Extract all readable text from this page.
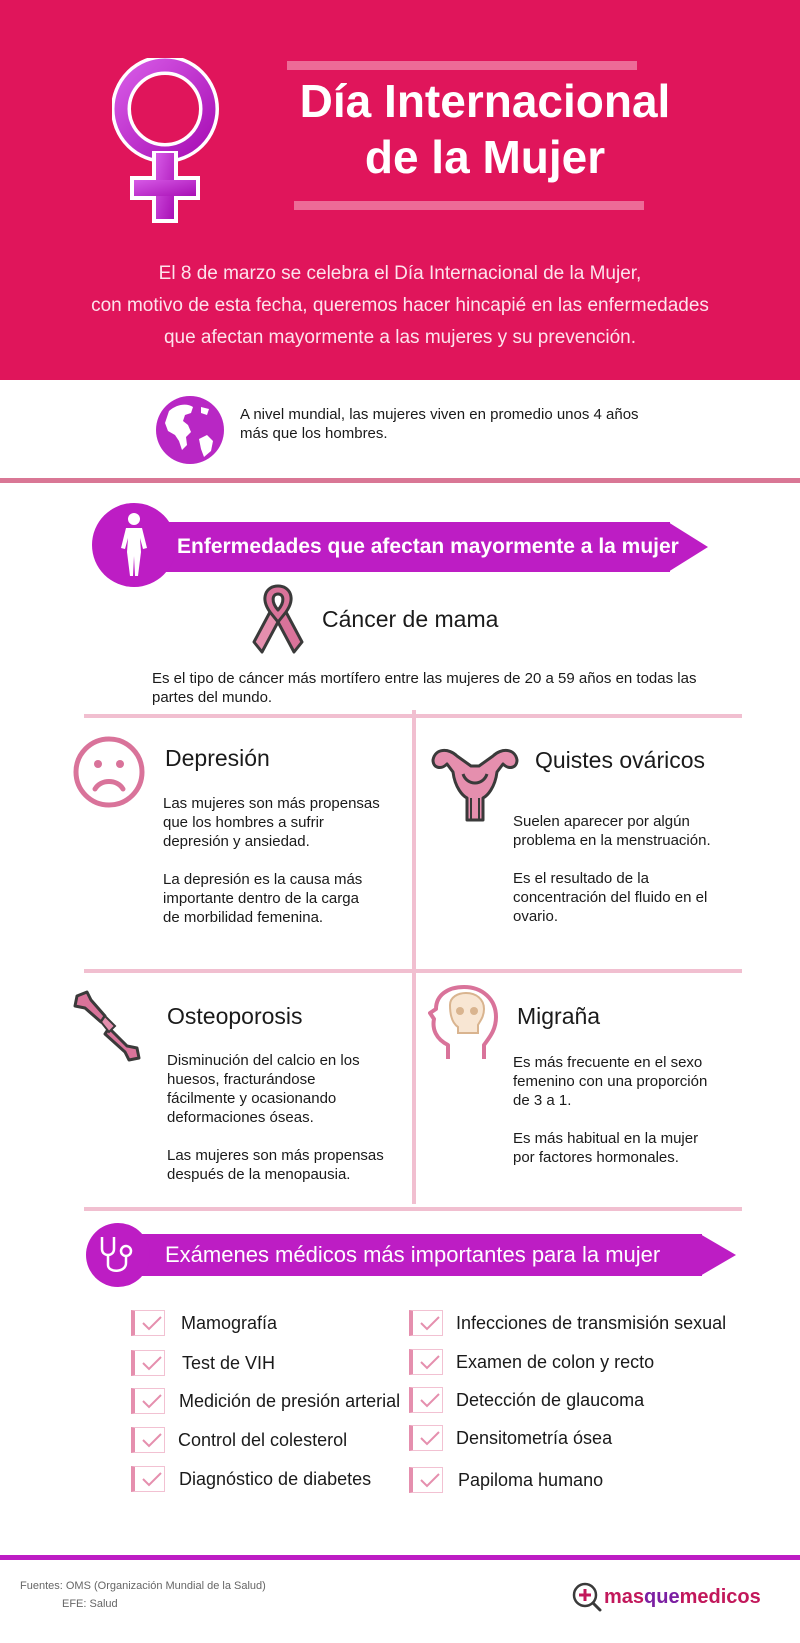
Día Internacional
de la Mujer
El 8 de marzo se celebra el Día Internacional de la Mujer,
con motivo de esta fecha, queremos hacer hincapié en las enfermedades
que afectan mayormente a las mujeres y su prevención.
A nivel mundial, las mujeres viven en promedio unos 4 años
más que los hombres.
Enfermedades que afectan mayormente a la mujer
Cáncer de mama
Es el tipo de cáncer más mortífero entre las mujeres de 20 a 59 años en todas las
partes del mundo.
Depresión
Las mujeres son más propensas
que los hombres a sufrir
depresión y ansiedad.
La depresión es la causa más
importante dentro de la carga
de morbilidad femenina.
Quistes ováricos
Suelen aparecer por algún
problema en la menstruación.
Es el resultado de la
concentración del fluido en el
ovario.
Osteoporosis
Disminución del calcio en los
huesos, fracturándose
fácilmente y ocasionando
deformaciones óseas.
Las mujeres son más propensas
después de la menopausia.
Migraña
Es más frecuente en el sexo
femenino con una proporción
de 3 a 1.
Es más habitual en la mujer
por factores hormonales.
Exámenes médicos más importantes para la mujer
Mamografía
Test de VIH
Medición de presión arterial
Control del colesterol
Diagnóstico de diabetes
Infecciones de transmisión sexual
Examen de colon y recto
Detección de glaucoma
Densitometría ósea
Papiloma humano
Fuentes: OMS (Organización Mundial de la Salud)
EFE: Salud	masquemedicos
